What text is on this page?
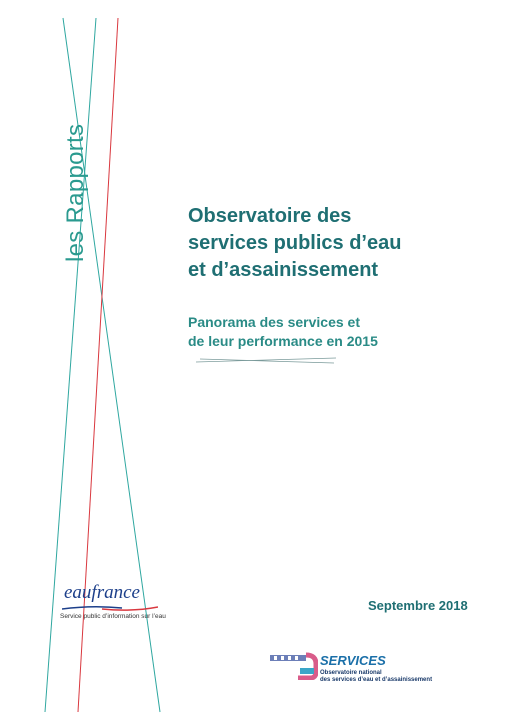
les Rapports	Observatoire des
services publics d’eau
et d’assainissement
Panorama des services et
de leur performance en 2015
eaufrance
Service public d’information sur l’eau
Septembre 2018
SERVICES
Observatoire national
des services d’eau et d’assainissement
